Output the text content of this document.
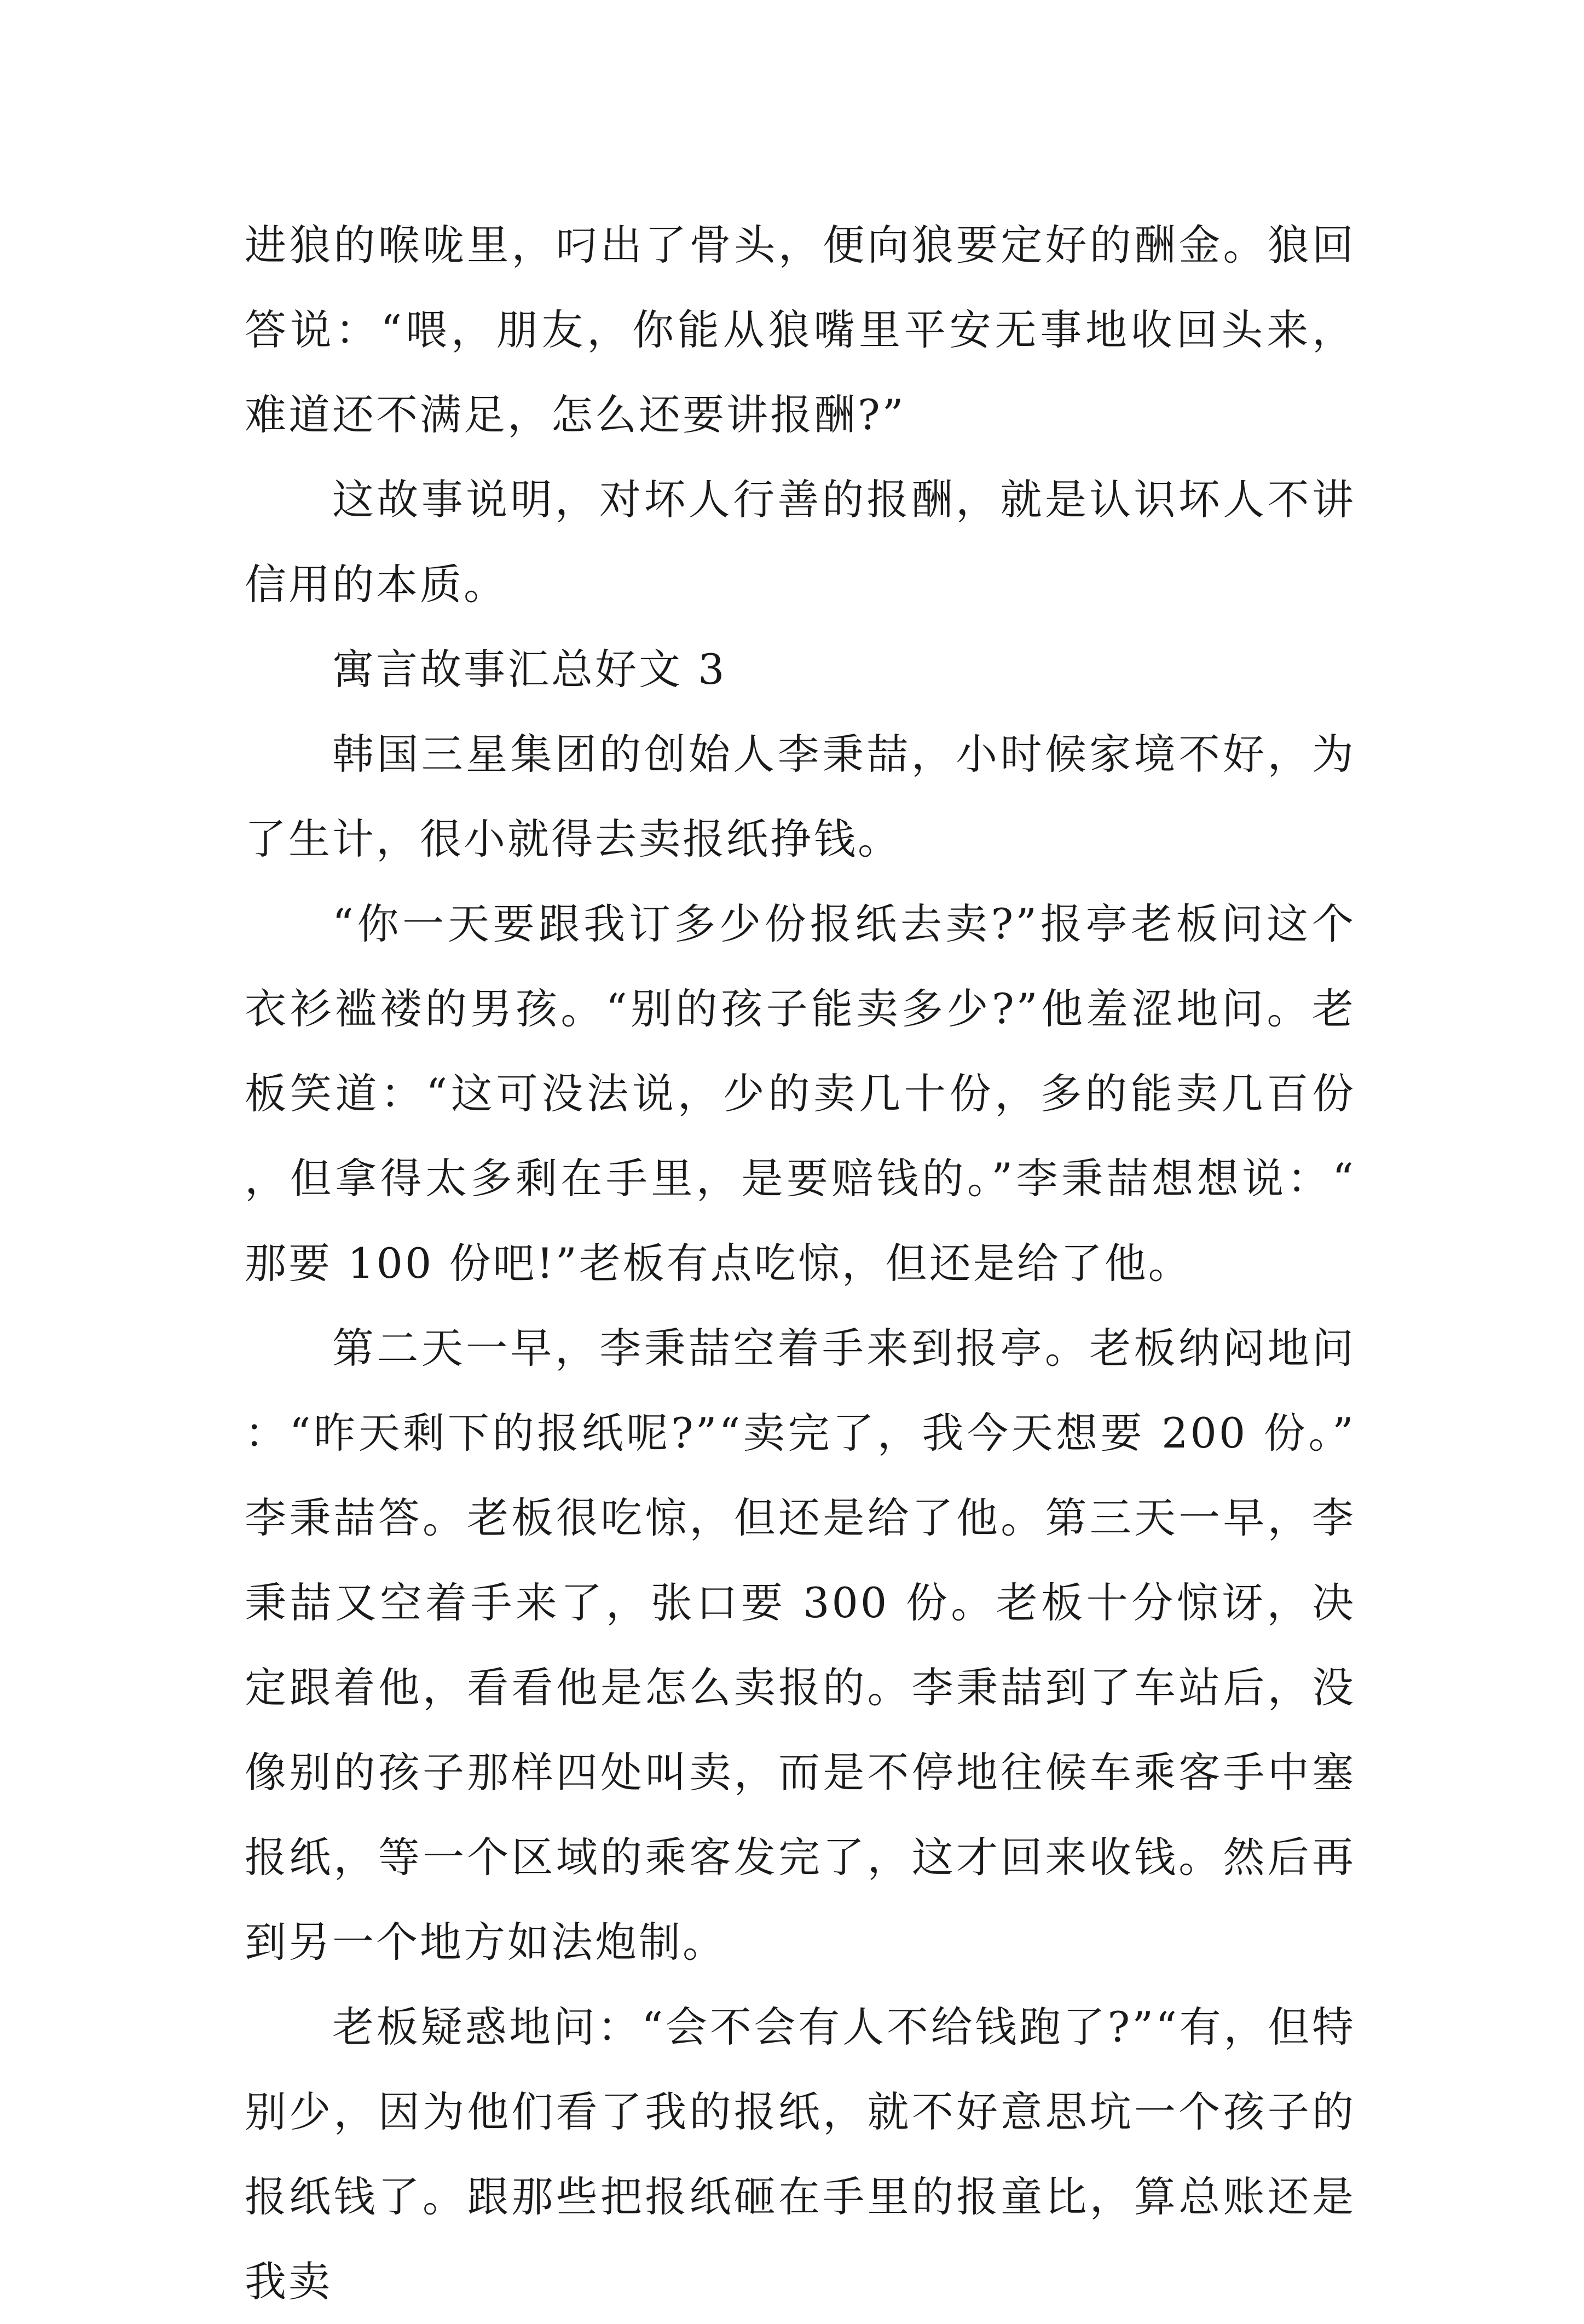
进狼的喉咙里，叼出了骨头，便向狼要定好的酬金。狼回答说：“喂，朋友，你能从狼嘴里平安无事地收回头来，难道还不满足，怎么还要讲报酬?”

这故事说明，对坏人行善的报酬，就是认识坏人不讲信用的本质。

寓言故事汇总好文 3

韩国三星集团的创始人李秉喆，小时候家境不好，为了生计，很小就得去卖报纸挣钱。

“你一天要跟我订多少份报纸去卖?”报亭老板问这个衣衫褴褛的男孩。“别的孩子能卖多少?”他羞涩地问。老板笑道：“这可没法说，少的卖几十份，多的能卖几百份，但拿得太多剩在手里，是要赔钱的。”李秉喆想想说：“那要 100 份吧!”老板有点吃惊，但还是给了他。

第二天一早，李秉喆空着手来到报亭。老板纳闷地问：“昨天剩下的报纸呢?”“卖完了，我今天想要 200 份。”李秉喆答。老板很吃惊，但还是给了他。第三天一早，李秉喆又空着手来了，张口要 300 份。老板十分惊讶，决定跟着他，看看他是怎么卖报的。李秉喆到了车站后，没像别的孩子那样四处叫卖，而是不停地往候车乘客手中塞报纸，等一个区域的乘客发完了，这才回来收钱。然后再到另一个地方如法炮制。

老板疑惑地问：“会不会有人不给钱跑了?”“有，但特别少，因为他们看了我的报纸，就不好意思坑一个孩子的报纸钱了。跟那些把报纸砸在手里的报童比，算总账还是我卖
